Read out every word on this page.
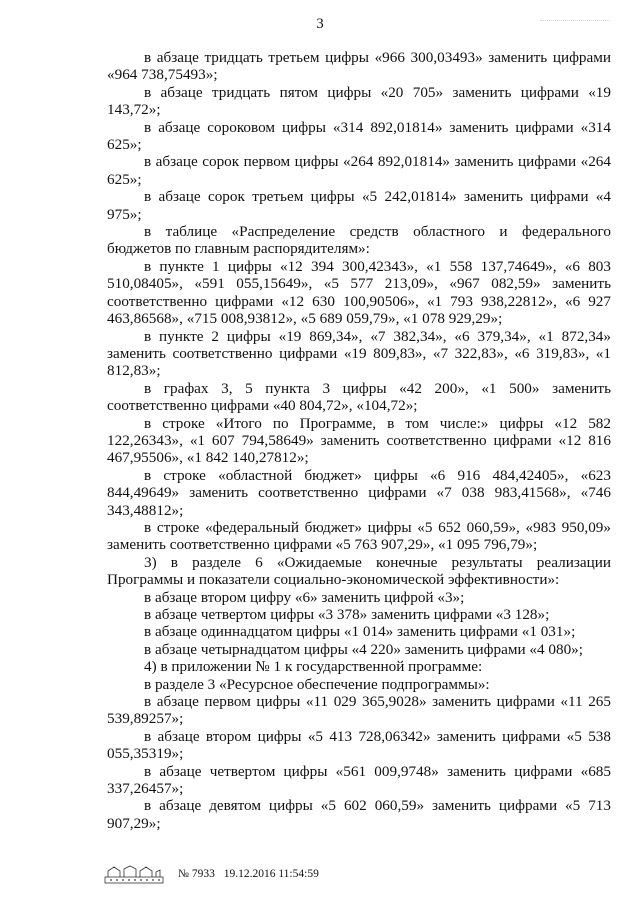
3

в абзаце тридцать третьем цифры «966 300,03493» заменить цифрами «964 738,75493»;

в абзаце тридцать пятом цифры «20 705» заменить цифрами «19 143,72»;

в абзаце сороковом цифры «314 892,01814» заменить цифрами «314 625»;

в абзаце сорок первом цифры «264 892,01814» заменить цифрами «264 625»;

в абзаце сорок третьем цифры «5 242,01814» заменить цифрами «4 975»;

в таблице «Распределение средств областного и федерального бюджетов по главным распорядителям»:

в пункте 1 цифры «12 394 300,42343», «1 558 137,74649», «6 803 510,08405», «591 055,15649», «5 577 213,09», «967 082,59» заменить соответственно цифрами «12 630 100,90506», «1 793 938,22812», «6 927 463,86568», «715 008,93812», «5 689 059,79», «1 078 929,29»;

в пункте 2 цифры «19 869,34», «7 382,34», «6 379,34», «1 872,34» заменить соответственно цифрами «19 809,83», «7 322,83», «6 319,83», «1 812,83»;

в графах 3, 5 пункта 3 цифры «42 200», «1 500» заменить соответственно цифрами «40 804,72», «104,72»;

в строке «Итого по Программе, в том числе:» цифры «12 582 122,26343», «1 607 794,58649» заменить соответственно цифрами «12 816 467,95506», «1 842 140,27812»;

в строке «областной бюджет» цифры «6 916 484,42405», «623 844,49649» заменить соответственно цифрами «7 038 983,41568», «746 343,48812»;

в строке «федеральный бюджет» цифры «5 652 060,59», «983 950,09» заменить соответственно цифрами «5 763 907,29», «1 095 796,79»;

3) в разделе 6 «Ожидаемые конечные результаты реализации Программы и показатели социально-экономической эффективности»:

в абзаце втором цифру «6» заменить цифрой «3»;

в абзаце четвертом цифры «3 378» заменить цифрами «3 128»;

в абзаце одиннадцатом цифры «1 014» заменить цифрами «1 031»;

в абзаце четырнадцатом цифры «4 220» заменить цифрами «4 080»;

4) в приложении № 1 к государственной программе:

в разделе 3 «Ресурсное обеспечение подпрограммы»:

в абзаце первом цифры «11 029 365,9028» заменить цифрами «11 265 539,89257»;

в абзаце втором цифры «5 413 728,06342» заменить цифрами «5 538 055,35319»;

в абзаце четвертом цифры «561 009,9748» заменить цифрами «685 337,26457»;

в абзаце девятом цифры «5 602 060,59» заменить цифрами «5 713 907,29»;

№ 7933 19.12.2016 11:54:59
